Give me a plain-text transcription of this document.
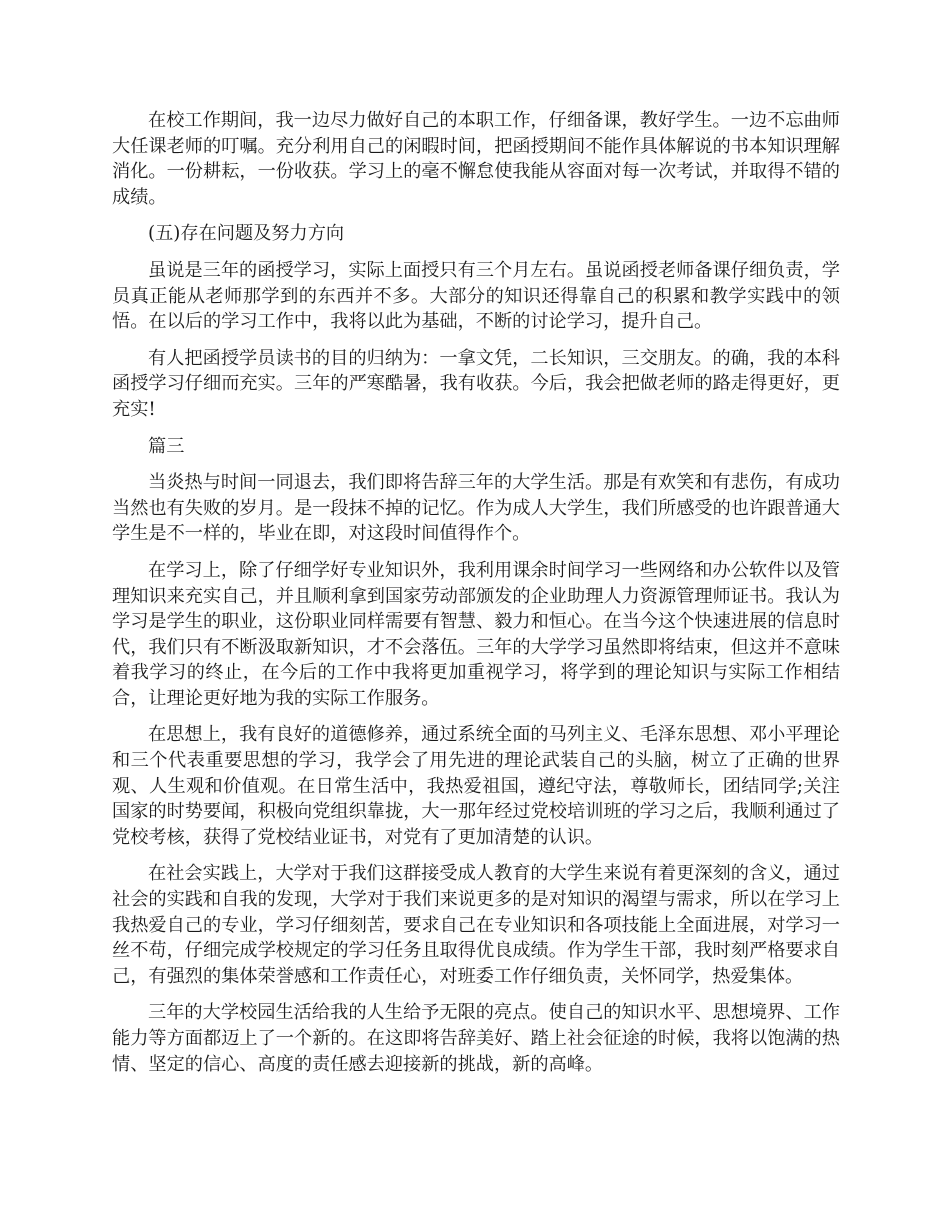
在校工作期间，我一边尽力做好自己的本职工作，仔细备课，教好学生。一边不忘曲师大任课老师的叮嘱。充分利用自己的闲暇时间，把函授期间不能作具体解说的书本知识理解消化。一份耕耘，一份收获。学习上的毫不懈怠使我能从容面对每一次考试，并取得不错的成绩。

(五)存在问题及努力方向

虽说是三年的函授学习，实际上面授只有三个月左右。虽说函授老师备课仔细负责，学员真正能从老师那学到的东西并不多。大部分的知识还得靠自己的积累和教学实践中的领悟。在以后的学习工作中，我将以此为基础，不断的讨论学习，提升自己。

有人把函授学员读书的目的归纳为：一拿文凭，二长知识，三交朋友。的确，我的本科函授学习仔细而充实。三年的严寒酷暑，我有收获。今后，我会把做老师的路走得更好，更充实!

篇三

当炎热与时间一同退去，我们即将告辞三年的大学生活。那是有欢笑和有悲伤，有成功当然也有失败的岁月。是一段抹不掉的记忆。作为成人大学生，我们所感受的也许跟普通大学生是不一样的，毕业在即，对这段时间值得作个。

在学习上，除了仔细学好专业知识外，我利用课余时间学习一些网络和办公软件以及管理知识来充实自己，并且顺利拿到国家劳动部颁发的企业助理人力资源管理师证书。我认为学习是学生的职业，这份职业同样需要有智慧、毅力和恒心。在当今这个快速进展的信息时代，我们只有不断汲取新知识，才不会落伍。三年的大学学习虽然即将结束，但这并不意味着我学习的终止，在今后的工作中我将更加重视学习，将学到的理论知识与实际工作相结合，让理论更好地为我的实际工作服务。

在思想上，我有良好的道德修养，通过系统全面的马列主义、毛泽东思想、邓小平理论和三个代表重要思想的学习，我学会了用先进的理论武装自己的头脑，树立了正确的世界观、人生观和价值观。在日常生活中，我热爱祖国，遵纪守法，尊敬师长，团结同学;关注国家的时势要闻，积极向党组织靠拢，大一那年经过党校培训班的学习之后，我顺利通过了党校考核，获得了党校结业证书，对党有了更加清楚的认识。

在社会实践上，大学对于我们这群接受成人教育的大学生来说有着更深刻的含义，通过社会的实践和自我的发现，大学对于我们来说更多的是对知识的渴望与需求，所以在学习上我热爱自己的专业，学习仔细刻苦，要求自己在专业知识和各项技能上全面进展，对学习一丝不苟，仔细完成学校规定的学习任务且取得优良成绩。作为学生干部，我时刻严格要求自己，有强烈的集体荣誉感和工作责任心，对班委工作仔细负责，关怀同学，热爱集体。

三年的大学校园生活给我的人生给予无限的亮点。使自己的知识水平、思想境界、工作能力等方面都迈上了一个新的。在这即将告辞美好、踏上社会征途的时候，我将以饱满的热情、坚定的信心、高度的责任感去迎接新的挑战，新的高峰。
